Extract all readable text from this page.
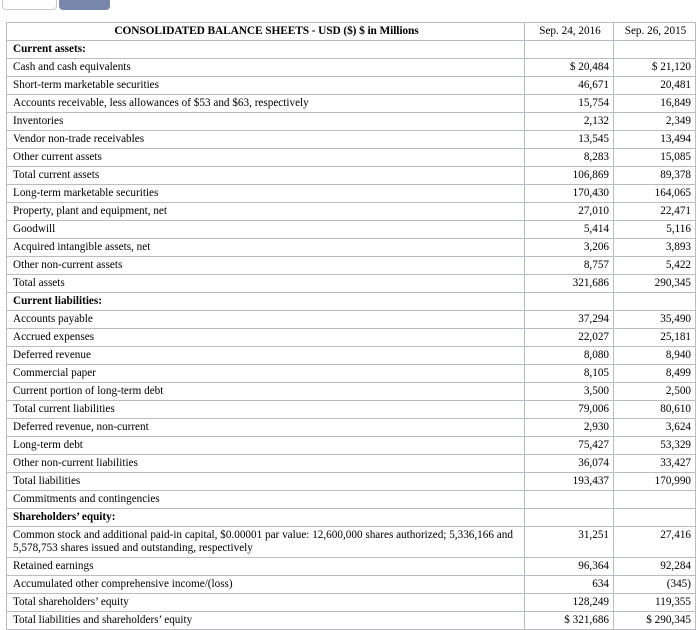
CONSOLIDATED BALANCE SHEETS - USD ($) $ in Millions	Sep. 24, 2016	Sep. 26, 2015
Current assets:		
Cash and cash equivalents	$ 20,484	$ 21,120
Short-term marketable securities	46,671	20,481
Accounts receivable, less allowances of $53 and $63, respectively	15,754	16,849
Inventories	2,132	2,349
Vendor non-trade receivables	13,545	13,494
Other current assets	8,283	15,085
Total current assets	106,869	89,378
Long-term marketable securities	170,430	164,065
Property, plant and equipment, net	27,010	22,471
Goodwill	5,414	5,116
Acquired intangible assets, net	3,206	3,893
Other non-current assets	8,757	5,422
Total assets	321,686	290,345
Current liabilities:		
Accounts payable	37,294	35,490
Accrued expenses	22,027	25,181
Deferred revenue	8,080	8,940
Commercial paper	8,105	8,499
Current portion of long-term debt	3,500	2,500
Total current liabilities	79,006	80,610
Deferred revenue, non-current	2,930	3,624
Long-term debt	75,427	53,329
Other non-current liabilities	36,074	33,427
Total liabilities	193,437	170,990
Commitments and contingencies		
Shareholders’ equity:		
Common stock and additional paid-in capital, $0.00001 par value: 12,600,000 shares authorized; 5,336,166 and 5,578,753 shares issued and outstanding, respectively	31,251	27,416
Retained earnings	96,364	92,284
Accumulated other comprehensive income/(loss)	634	(345)
Total shareholders’ equity	128,249	119,355
Total liabilities and shareholders’ equity	$ 321,686	$ 290,345
